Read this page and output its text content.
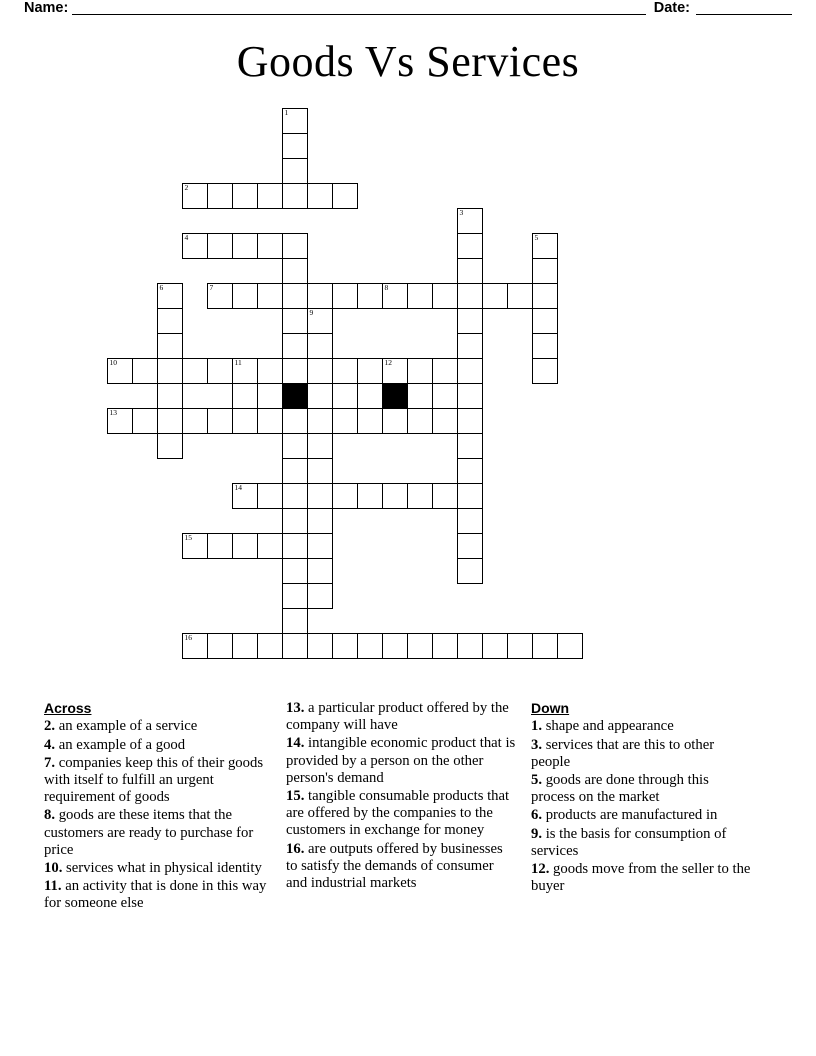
Name:	Date:
Goods Vs Services
1
2
3
4	5
6	7	8
9
10	11	12
13
14
15
16
Across
2. an example of a service
4. an example of a good
7. companies keep this of their goods with itself to fulfill an urgent requirement of goods
8. goods are these items that the customers are ready to purchase for price
10. services what in physical identity
11. an activity that is done in this way for someone else
13. a particular product offered by the company will have
14. intangible economic product that is provided by a person on the other person's demand
15. tangible consumable products that are offered by the companies to the customers in exchange for money
16. are outputs offered by businesses to satisfy the demands of consumer and industrial markets
Down
1. shape and appearance
3. services that are this to other people
5. goods are done through this process on the market
6. products are manufactured in
9. is the basis for consumption of services
12. goods move from the seller to the buyer
